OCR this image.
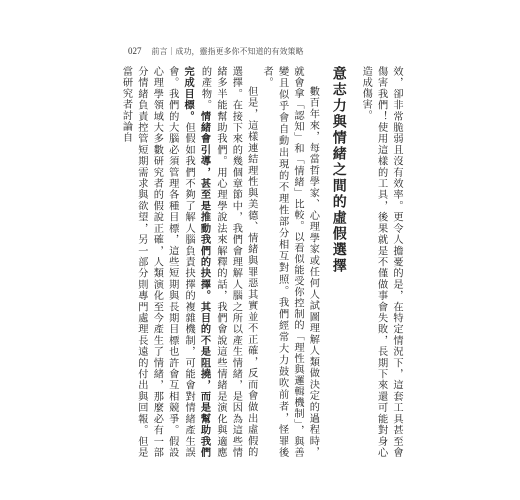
027 前言｜成功，靈指更多你不知道的有效策略

效，卻非常脆弱且沒有效率。更令人擔憂的是，在特定情況下，這套工具甚至會傷害我們！使用這樣的工具，後果就是不僅做事會失敗，長期下來還可能對身心造成傷害。

意志力與情緒之間的虛假選擇

數百年來，每當哲學家、心理學家或任何人試圖理解人類做決定的過程時，就會拿「認知」和「情緒」比較。以看似能受你控制的「理性與邏輯機制」，與善變且似乎會自動出現的不理性部分相互對照。我們經常大力鼓吹前者，怪罪後者。

但是，這樣連結理性與美德、情緒與罪惡其實並不正確，反而會做出虛假的選擇。在接下來的幾個章節中，我們會理解人腦之所以產生情緒，是因為這些情緒多半能幫助我們。用心理學說法來解釋的話，我們會說這些情緒是演化與適應的產物。情緒會引導，甚至是推動我們的抉擇。其目的不是阻撓，而是幫助我們完成目標。但假如我們不夠了解人腦負責抉擇的複雜機制，可能會對情緒產生誤會。我們的大腦必須管理各種目標，這些短期與長期目標也許會互相競爭。假設心理學領域大多數研究者的假說正確，人類演化至今產生了情緒，那麼必有一部分情緒負責控管短期需求與欲望，另一部分則專門處理長遠的付出與回報。但是當研究者討論自
